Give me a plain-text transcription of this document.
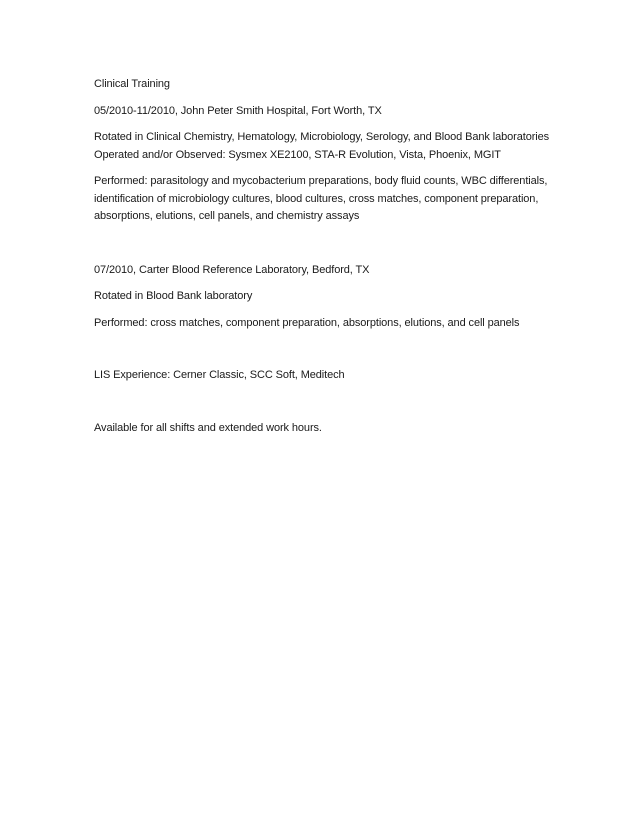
Clinical Training

05/2010-11/2010, John Peter Smith Hospital, Fort Worth, TX

Rotated in Clinical Chemistry, Hematology, Microbiology, Serology, and Blood Bank laboratories
Operated and/or Observed: Sysmex XE2100, STA-R Evolution, Vista, Phoenix, MGIT

Performed: parasitology and mycobacterium preparations, body fluid counts, WBC differentials,
identification of microbiology cultures, blood cultures, cross matches, component preparation,
absorptions, elutions, cell panels, and chemistry assays

07/2010, Carter Blood Reference Laboratory, Bedford, TX

Rotated in Blood Bank laboratory

Performed: cross matches, component preparation, absorptions, elutions, and cell panels

LIS Experience: Cerner Classic, SCC Soft, Meditech

Available for all shifts and extended work hours.
